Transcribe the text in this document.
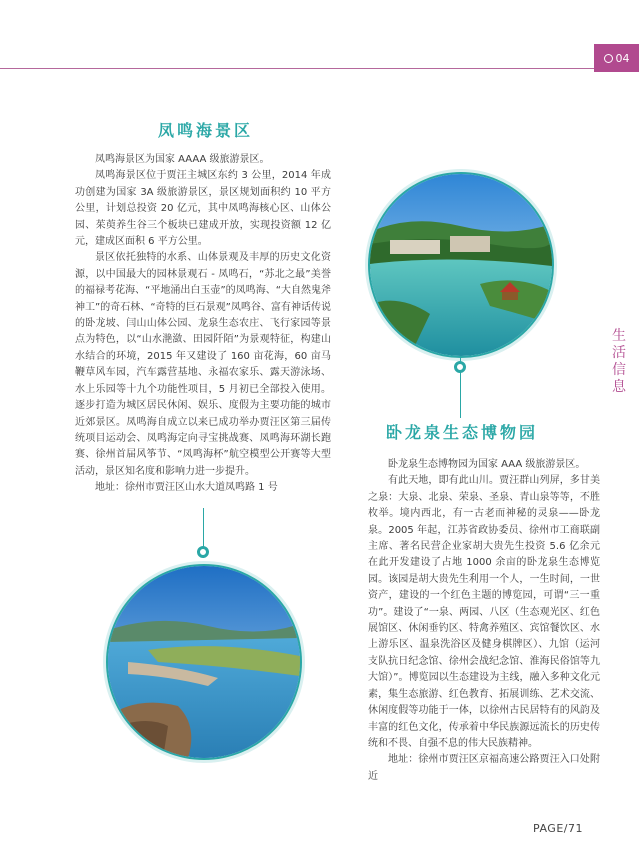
04
生
活
信
息
凤鸣海景区

凤鸣海景区为国家 AAAA 级旅游景区。

凤鸣海景区位于贾汪主城区东约 3 公里，2014 年成功创建为国家 3A 级旅游景区，景区规划面积约 10 平方公里，计划总投资 20 亿元，其中凤鸣海核心区、山体公园、茱萸养生谷三个板块已建成开放，实现投资额 12 亿元，建成区面积 6 平方公里。

景区依托独特的水系、山体景观及丰厚的历史文化资源，以中国最大的园林景观石 - 凤鸣石，“苏北之最”美誉的福禄考花海、“平地涌出白玉壶”的凤鸣海、“大自然鬼斧神工”的奇石林、“奇特的巨石景观”凤鸣谷、富有神话传说的卧龙坡、闫山山体公园、龙泉生态农庄、飞行家园等景点为特色，以“山水滟潋、田园阡陌”为景观特征，构建山水结合的环境，2015 年又建设了 160 亩花海，60 亩马鞭草风车园，汽车露营基地、永福农家乐、露天游泳场、水上乐园等十九个功能性项目，5 月初已全部投入使用。逐步打造为城区居民休闲、娱乐、度假为主要功能的城市近郊景区。凤鸣海自成立以来已成功举办贾汪区第三届传统项目运动会、凤鸣海定向寻宝挑战赛、凤鸣海环湖长跑赛、徐州首届风筝节、“凤鸣海杯”航空模型公开赛等大型活动，景区知名度和影响力进一步提升。

地址：徐州市贾汪区山水大道凤鸣路 1 号

卧龙泉生态博物园

卧龙泉生态博物园为国家 AAA 级旅游景区。

有此天地，即有此山川。贾汪群山列屏，多甘美之泉：大泉、北泉、荣泉、圣泉、青山泉等等，不胜枚举。境内西北，有一古老而神秘的灵泉——卧龙泉。2005 年起，江苏省政协委员、徐州市工商联副主席、著名民营企业家胡大贵先生投资 5.6 亿余元在此开发建设了占地 1000 余亩的卧龙泉生态博览园。该园是胡大贵先生利用一个人，一生时间，一世资产，建设的一个红色主题的博览园，可谓“三一重功”。建设了“一泉、两园、八区（生态观光区、红色展馆区、休闲垂钓区、特禽养殖区、宾馆餐饮区、水上游乐区、温泉洗浴区及健身棋牌区）、九馆（运河支队抗日纪念馆、徐州会战纪念馆、淮海民俗馆等九大馆）”。博览园以生态建设为主线，融入多种文化元素，集生态旅游、红色教育、拓展训练、艺术交流、休闲度假等功能于一体，以徐州古民居特有的风韵及丰富的红色文化，传承着中华民族源远流长的历史传统和不畏、自强不息的伟大民族精神。

地址：徐州市贾汪区京福高速公路贾汪入口处附近

PAGE/71
